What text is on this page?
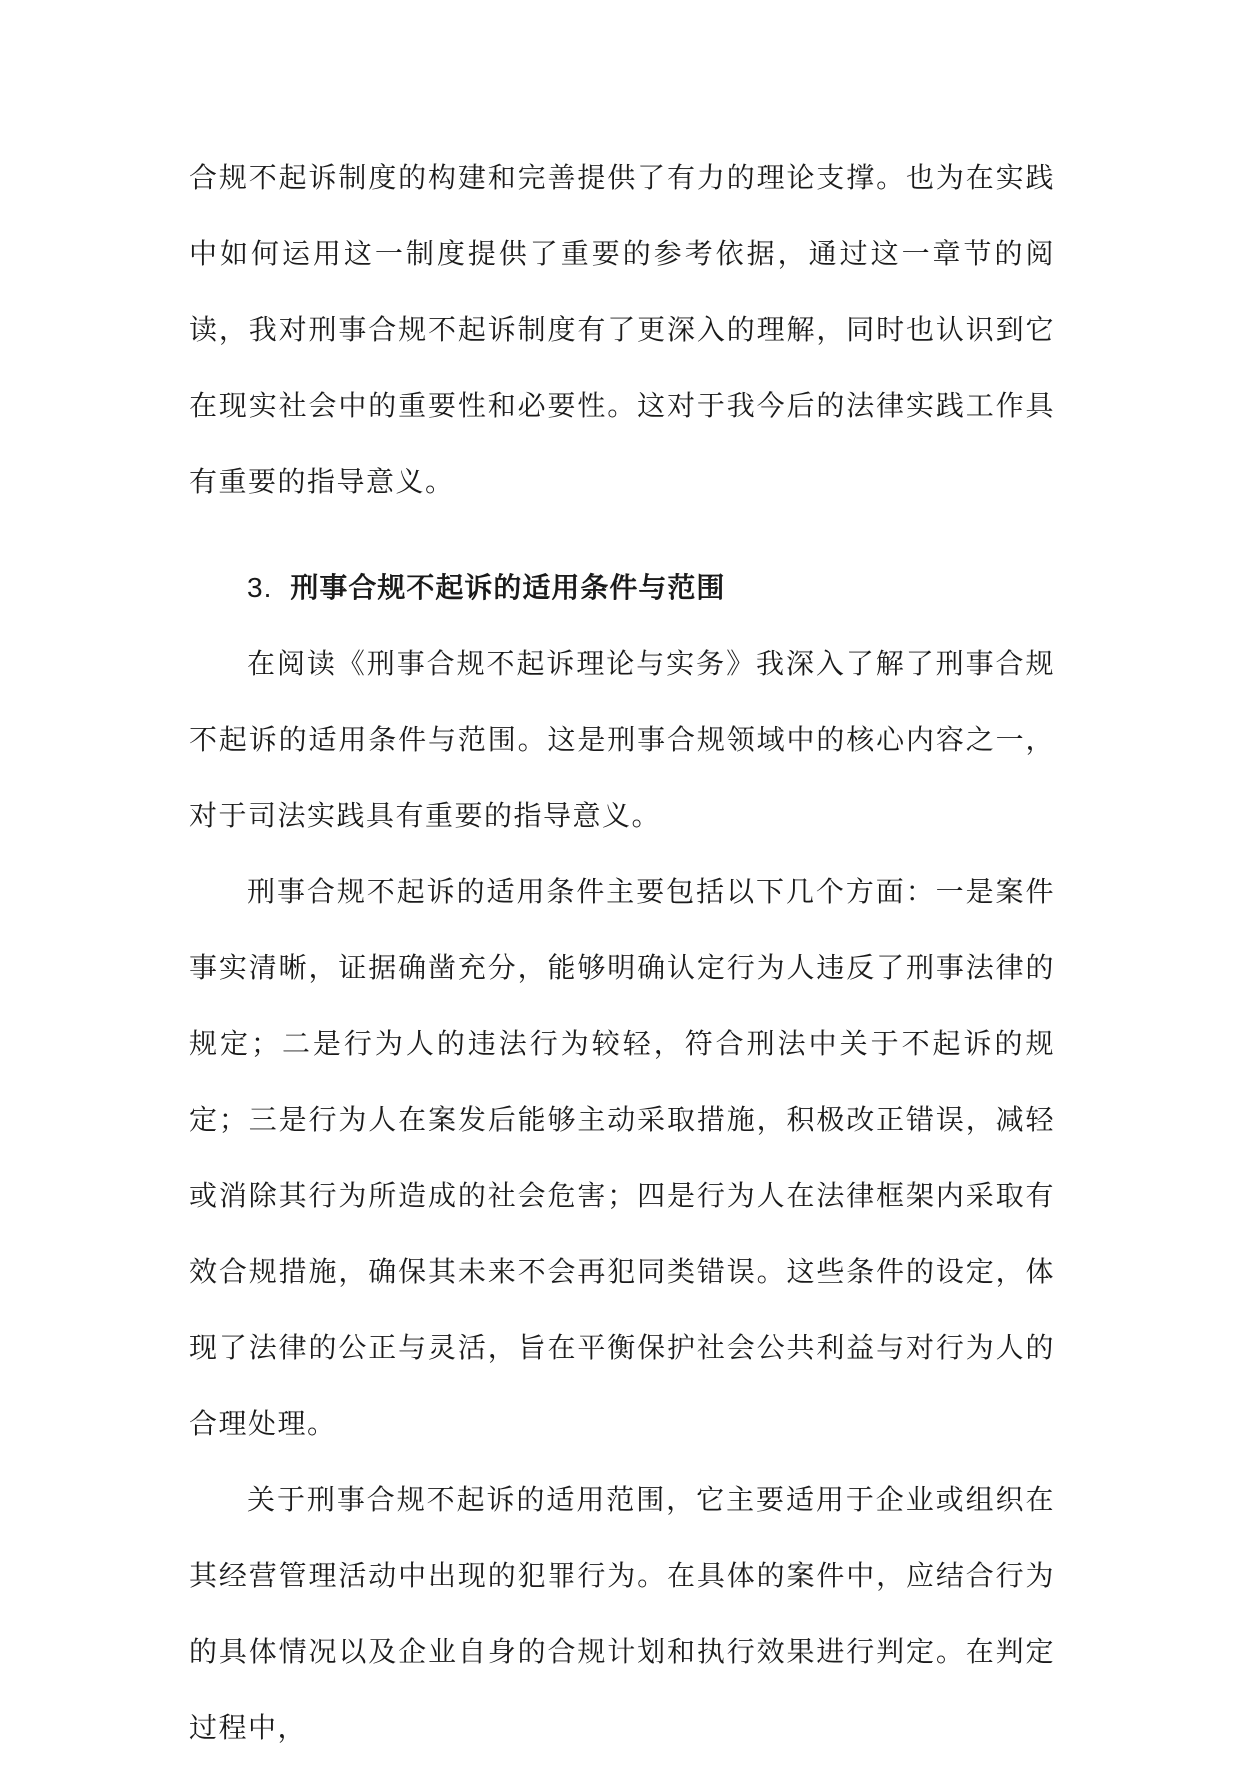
合规不起诉制度的构建和完善提供了有力的理论支撑。也为在实践中如何运用这一制度提供了重要的参考依据，通过这一章节的阅读，我对刑事合规不起诉制度有了更深入的理解，同时也认识到它在现实社会中的重要性和必要性。这对于我今后的法律实践工作具有重要的指导意义。

3. 刑事合规不起诉的适用条件与范围

在阅读《刑事合规不起诉理论与实务》我深入了解了刑事合规不起诉的适用条件与范围。这是刑事合规领域中的核心内容之一，对于司法实践具有重要的指导意义。

刑事合规不起诉的适用条件主要包括以下几个方面：一是案件事实清晰，证据确凿充分，能够明确认定行为人违反了刑事法律的规定；二是行为人的违法行为较轻，符合刑法中关于不起诉的规定；三是行为人在案发后能够主动采取措施，积极改正错误，减轻或消除其行为所造成的社会危害；四是行为人在法律框架内采取有效合规措施，确保其未来不会再犯同类错误。这些条件的设定，体现了法律的公正与灵活，旨在平衡保护社会公共利益与对行为人的合理处理。

关于刑事合规不起诉的适用范围，它主要适用于企业或组织在其经营管理活动中出现的犯罪行为。在具体的案件中，应结合行为的具体情况以及企业自身的合规计划和执行效果进行判定。在判定过程中，
